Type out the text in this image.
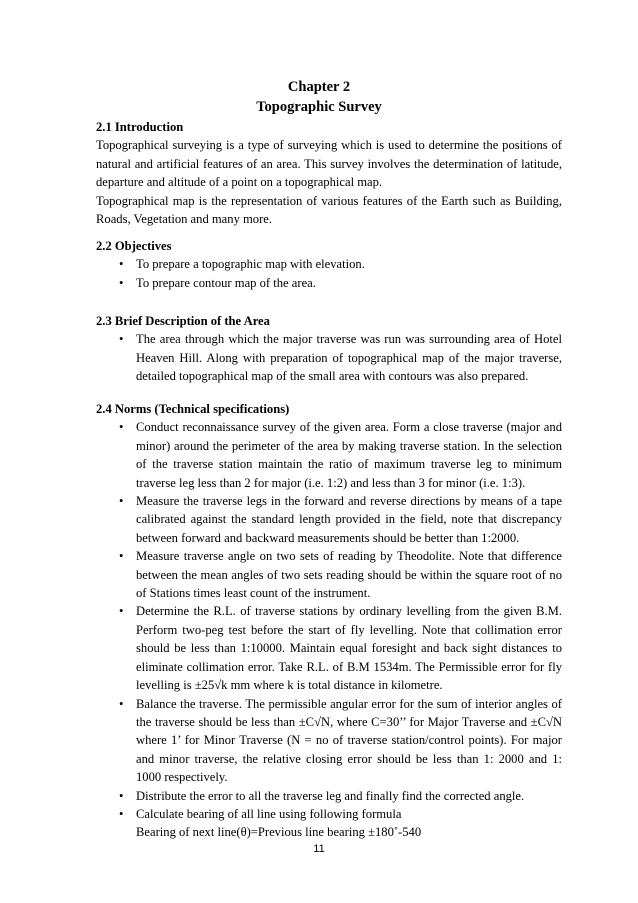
Chapter 2
Topographic Survey
2.1 Introduction
Topographical surveying is a type of surveying which is used to determine the positions of natural and artificial features of an area. This survey involves the determination of latitude, departure and altitude of a point on a topographical map.
Topographical map is the representation of various features of the Earth such as Building, Roads, Vegetation and many more.
2.2 Objectives
• To prepare a topographic map with elevation.
• To prepare contour map of the area.
2.3 Brief Description of the Area
• The area through which the major traverse was run was surrounding area of Hotel Heaven Hill. Along with preparation of topographical map of the major traverse, detailed topographical map of the small area with contours was also prepared.
2.4 Norms (Technical specifications)
• Conduct reconnaissance survey of the given area. Form a close traverse (major and minor) around the perimeter of the area by making traverse station. In the selection of the traverse station maintain the ratio of maximum traverse leg to minimum traverse leg less than 2 for major (i.e. 1:2) and less than 3 for minor (i.e. 1:3).
• Measure the traverse legs in the forward and reverse directions by means of a tape calibrated against the standard length provided in the field, note that discrepancy between forward and backward measurements should be better than 1:2000.
• Measure traverse angle on two sets of reading by Theodolite. Note that difference between the mean angles of two sets reading should be within the square root of no of Stations times least count of the instrument.
• Determine the R.L. of traverse stations by ordinary levelling from the given B.M. Perform two-peg test before the start of fly levelling. Note that collimation error should be less than 1:10000. Maintain equal foresight and back sight distances to eliminate collimation error. Take R.L. of B.M 1534m. The Permissible error for fly levelling is ±25√k mm where k is total distance in kilometre.
• Balance the traverse. The permissible angular error for the sum of interior angles of the traverse should be less than ±C√N, where C=30’’ for Major Traverse and ±C√N where 1’ for Minor Traverse (N = no of traverse station/control points). For major and minor traverse, the relative closing error should be less than 1: 2000 and 1: 1000 respectively.
• Distribute the error to all the traverse leg and finally find the corrected angle.
• Calculate bearing of all line using following formula
Bearing of next line(θ)=Previous line bearing ±180˚-540
11
